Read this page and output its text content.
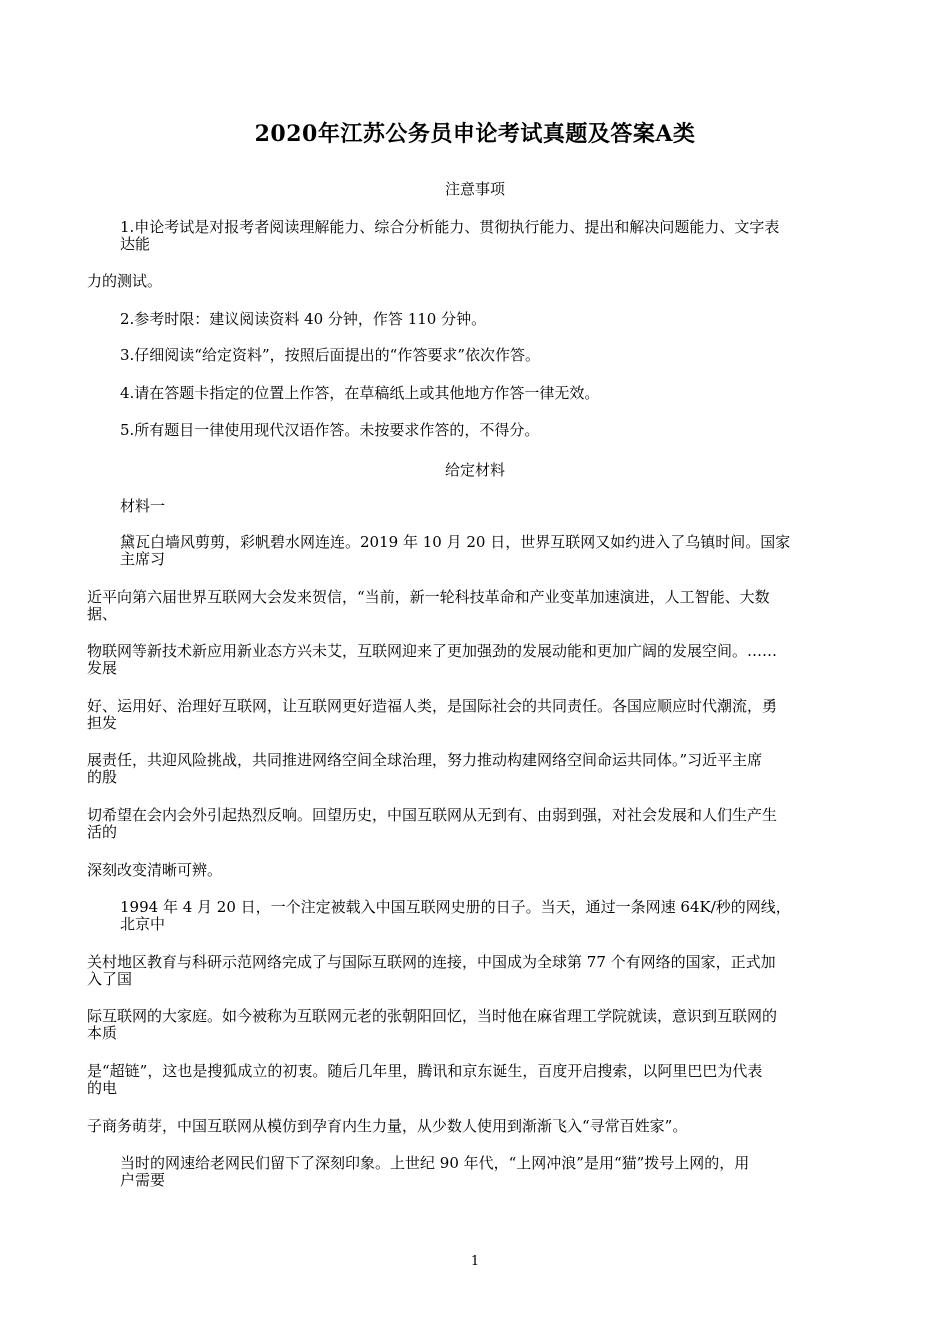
2020年江苏公务员申论考试真题及答案A类
注意事项
1.申论考试是对报考者阅读理解能力、综合分析能力、贯彻执行能力、提出和解决问题能力、文字表
达能
力的测试。
2.参考时限：建议阅读资料 40 分钟，作答 110 分钟。
3.仔细阅读“给定资料”，按照后面提出的“作答要求”依次作答。
4.请在答题卡指定的位置上作答，在草稿纸上或其他地方作答一律无效。
5.所有题目一律使用现代汉语作答。未按要求作答的，不得分。
给定材料
材料一
黛瓦白墙风剪剪，彩帆碧水网连连。2019 年 10 月 20 日，世界互联网又如约进入了乌镇时间。国家
主席习
近平向第六届世界互联网大会发来贺信，“当前，新一轮科技革命和产业变革加速演进，人工智能、大数
据、
物联网等新技术新应用新业态方兴未艾，互联网迎来了更加强劲的发展动能和更加广阔的发展空间。……
发展
好、运用好、治理好互联网，让互联网更好造福人类，是国际社会的共同责任。各国应顺应时代潮流，勇
担发
展责任，共迎风险挑战，共同推进网络空间全球治理，努力推动构建网络空间命运共同体。”习近平主席
的殷
切希望在会内会外引起热烈反响。回望历史，中国互联网从无到有、由弱到强，对社会发展和人们生产生
活的
深刻改变清晰可辨。
1994 年 4 月 20 日，一个注定被载入中国互联网史册的日子。当天，通过一条网速 64K/秒的网线，
北京中
关村地区教育与科研示范网络完成了与国际互联网的连接，中国成为全球第 77 个有网络的国家，正式加
入了国
际互联网的大家庭。如今被称为互联网元老的张朝阳回忆，当时他在麻省理工学院就读，意识到互联网的
本质
是“超链”，这也是搜狐成立的初衷。随后几年里，腾讯和京东诞生，百度开启搜索，以阿里巴巴为代表
的电
子商务萌芽，中国互联网从模仿到孕育内生力量，从少数人使用到渐渐飞入“寻常百姓家”。
当时的网速给老网民们留下了深刻印象。上世纪 90 年代，“上网冲浪”是用“猫”拨号上网的，用
户需要
1
